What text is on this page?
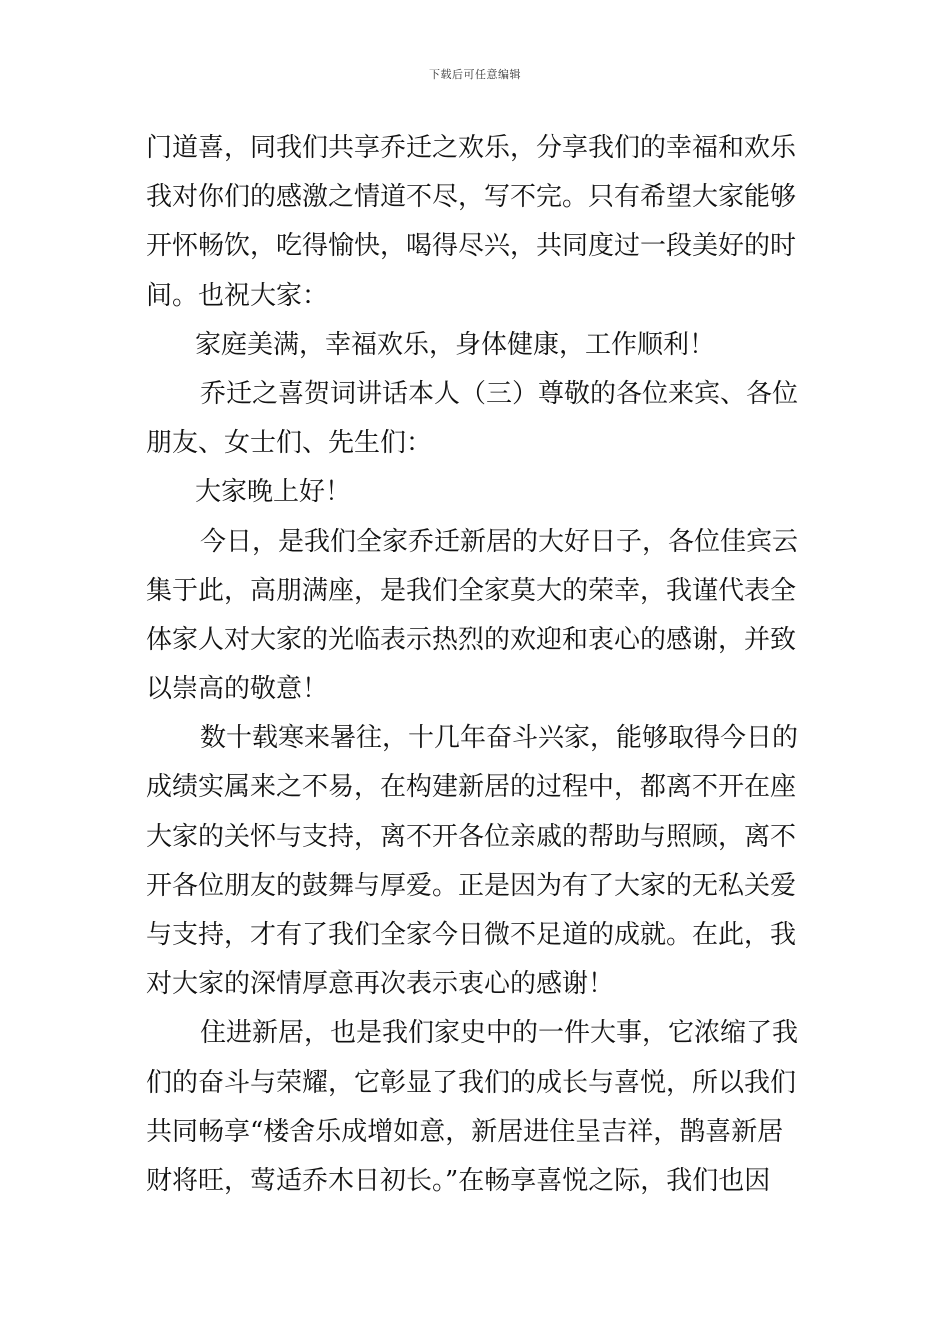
下载后可任意编辑
门道喜，同我们共享乔迁之欢乐，分享我们的幸福和欢乐
我对你们的感激之情道不尽，写不完。只有希望大家能够
开怀畅饮，吃得愉快，喝得尽兴，共同度过一段美好的时
间。也祝大家：
家庭美满，幸福欢乐，身体健康，工作顺利！
乔迁之喜贺词讲话本人（三）尊敬的各位来宾、各位
朋友、女士们、先生们：
大家晚上好！
今日，是我们全家乔迁新居的大好日子，各位佳宾云
集于此，高朋满座，是我们全家莫大的荣幸，我谨代表全
体家人对大家的光临表示热烈的欢迎和衷心的感谢，并致
以崇高的敬意！
数十载寒来暑往，十几年奋斗兴家，能够取得今日的
成绩实属来之不易，在构建新居的过程中，都离不开在座
大家的关怀与支持，离不开各位亲戚的帮助与照顾，离不
开各位朋友的鼓舞与厚爱。正是因为有了大家的无私关爱
与支持，才有了我们全家今日微不足道的成就。在此，我
对大家的深情厚意再次表示衷心的感谢！
住进新居，也是我们家史中的一件大事，它浓缩了我
们的奋斗与荣耀，它彰显了我们的成长与喜悦，所以我们
共同畅享“楼舍乐成增如意，新居进住呈吉祥，鹊喜新居
财将旺，莺适乔木日初长。”在畅享喜悦之际，我们也因
